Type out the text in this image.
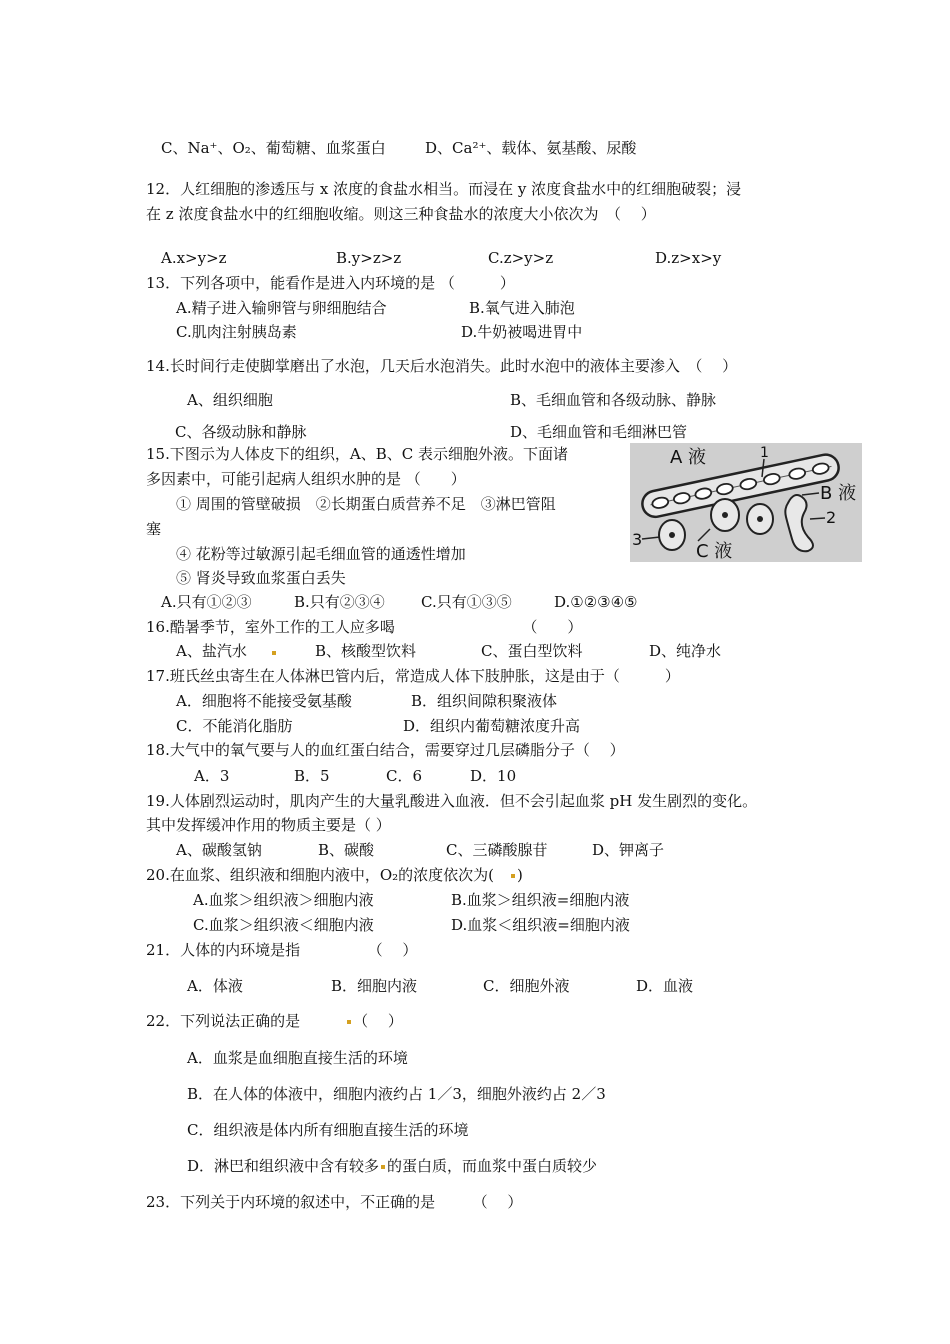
C、Na⁺、O₂、葡萄糖、血浆蛋白	D、Ca²⁺、载体、氨基酸、尿酸
12．人红细胞的渗透压与 x 浓度的食盐水相当。而浸在 y 浓度食盐水中的红细胞破裂；浸
在 z 浓度食盐水中的红细胞收缩。则这三种食盐水的浓度大小依次为　（　 ）
A.x>y>z	B.y>z>z	C.z>y>z	D.z>x>y
13．下列各项中，能看作是进入内环境的是 （　　　）
A.精子进入输卵管与卵细胞结合	B.氧气进入肺泡
C.肌肉注射胰岛素	D.牛奶被喝进胃中
14.长时间行走使脚掌磨出了水泡，几天后水泡消失。此时水泡中的液体主要渗入　（　 ）
A、组织细胞	B、毛细血管和各级动脉、静脉
C、各级动脉和静脉	D、毛细血管和毛细淋巴管
15.下图示为人体皮下的组织，A、B、C 表示细胞外液。下面诸
多因素中，可能引起病人组织水肿的是 （　　）
① 周围的管壁破损　②长期蛋白质营养不足　③淋巴管阻
塞
④ 花粉等过敏源引起毛细血管的通透性增加
⑤ 肾炎导致血浆蛋白丢失
A.只有①②③	B.只有②③④ C.只有①③⑤	D.①②③④⑤
A 液	1
B 液
2
3
C 液
16.酷暑季节，室外工作的工人应多喝　　　　　　　　　（　　）
A、盐汽水	B、核酸型饮料	C、蛋白型饮料	D、纯净水
17.班氏丝虫寄生在人体淋巴管内后，常造成人体下肢肿胀，这是由于（　　　）
A．细胞将不能接受氨基酸	B．组织间隙积聚液体
C．不能消化脂肪	D．组织内葡萄糖浓度升高
18.大气中的氧气要与人的血红蛋白结合，需要穿过几层磷脂分子（　 ）
A．3	B．5	C．6	D．10
19.人体剧烈运动时，肌肉产生的大量乳酸进入血液．但不会引起血浆 pH 发生剧烈的变化。
其中发挥缓冲作用的物质主要是（ ）
A、碳酸氢钠	B、碳酸	C、三磷酸腺苷	D、钾离子
20.在血浆、组织液和细胞内液中，O₂的浓度依次为(　)
A.血浆＞组织液＞细胞内液	B.血浆＞组织液=细胞内液
C.血浆＞组织液＜细胞内液	D.血浆＜组织液=细胞内液
21．人体的内环境是指　　　　　（　 ）
A．体液	B．细胞内液	C．细胞外液	D．血液
22．下列说法正确的是　　　（　 ）
A．血浆是血细胞直接生活的环境
B．在人体的体液中，细胞内液约占 1／3，细胞外液约占 2／3
C．组织液是体内所有细胞直接生活的环境
D．淋巴和组织液中含有较多 的蛋白质，而血浆中蛋白质较少
23．下列关于内环境的叙述中，不正确的是　　　（　 ）
